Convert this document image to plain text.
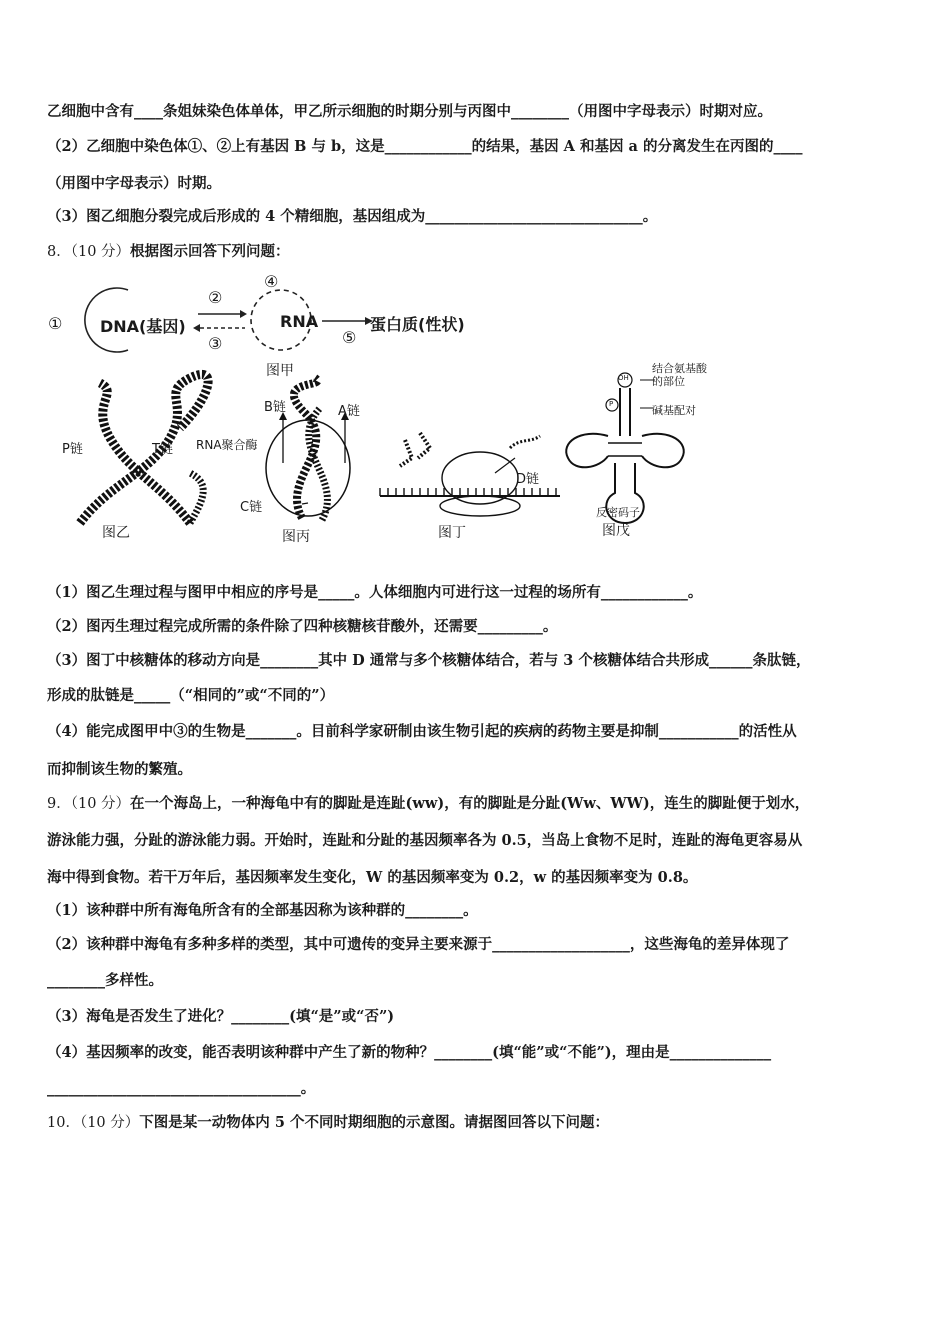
乙细胞中含有____条姐妹染色体单体，甲乙所示细胞的时期分别与丙图中________（用图中字母表示）时期对应。
（2）乙细胞中染色体①、②上有基因 B 与 b，这是____________的结果，基因 A 和基因 a 的分离发生在丙图的____
（用图中字母表示）时期。
（3）图乙细胞分裂完成后形成的 4 个精细胞，基因组成为______________________________。
8．（10 分）根据图示回答下列问题：
① DNA(基因)
②
③
④
RNA
⑤
蛋白质(性状)
图甲
P链	T链
图乙
B链	A链
RNA聚合酶
C链
图丙
D链
图丁
OH
P
结合氨基酸的部位
碱基配对
反密码子
图戊
（1）图乙生理过程与图甲中相应的序号是_____。人体细胞内可进行这一过程的场所有____________。
（2）图丙生理过程完成所需的条件除了四种核糖核苷酸外，还需要_________。
（3）图丁中核糖体的移动方向是________其中 D 通常与多个核糖体结合，若与 3 个核糖体结合共形成______条肽链，
形成的肽链是_____（“相同的”或“不同的”）
（4）能完成图甲中③的生物是_______。目前科学家研制由该生物引起的疾病的药物主要是抑制___________的活性从
而抑制该生物的繁殖。
9．（10 分）在一个海岛上，一种海龟中有的脚趾是连趾(ww)，有的脚趾是分趾(Ww、WW)，连生的脚趾便于划水，
游泳能力强，分趾的游泳能力弱。开始时，连趾和分趾的基因频率各为 0.5，当岛上食物不足时，连趾的海龟更容易从
海中得到食物。若干万年后，基因频率发生变化，W 的基因频率变为 0.2，w 的基因频率变为 0.8。
（1）该种群中所有海龟所含有的全部基因称为该种群的________。
（2）该种群中海龟有多种多样的类型，其中可遗传的变异主要来源于___________________，这些海龟的差异体现了
________多样性。
（3）海龟是否发生了进化？________(填“是”或“否”)
（4）基因频率的改变，能否表明该种群中产生了新的物种？________(填“能”或“不能”)，理由是______________
___________________________________。
10．（10 分）下图是某一动物体内 5 个不同时期细胞的示意图。请据图回答以下问题：
